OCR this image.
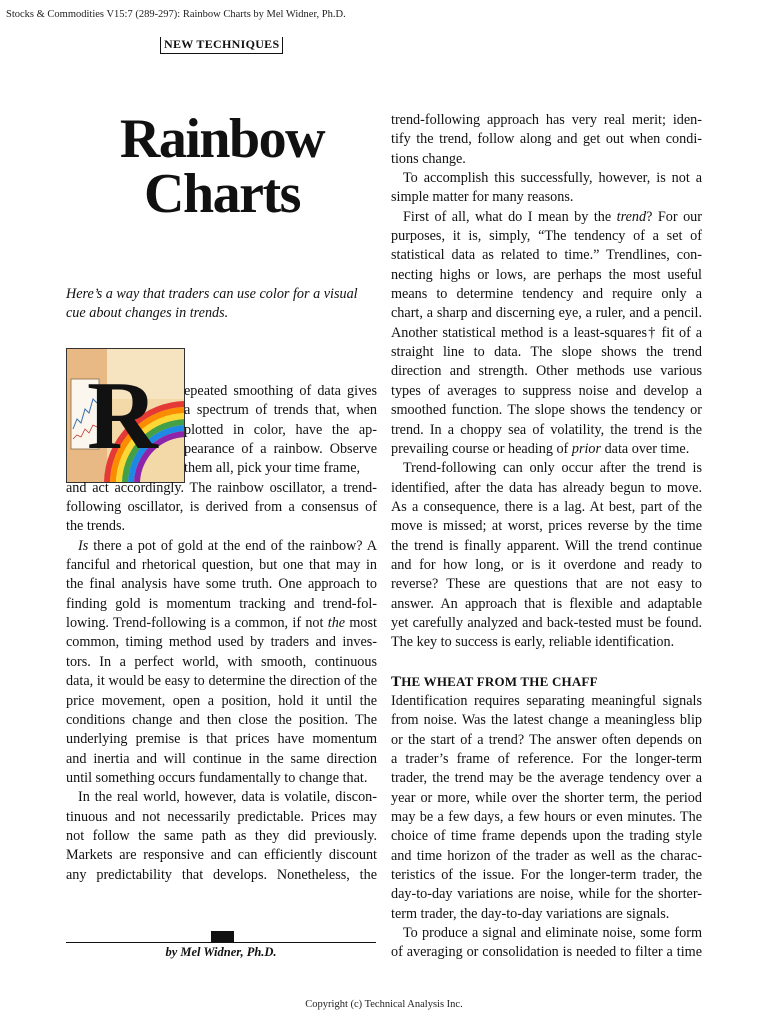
Stocks & Commodities V15:7 (289-297): Rainbow Charts by Mel Widner, Ph.D.
NEW TECHNIQUES
Rainbow
Charts
Here’s a way that traders can use color for a visual cue about changes in trends.
R epeated smoothing of data gives
a spectrum of trends that, when
plotted in color, have the ap-
pearance of a rainbow. Observe
them all, pick your time frame,
and act accordingly. The rainbow oscillator, a trend-
following oscillator, is derived from a consensus of
the trends.
Is there a pot of gold at the end of the rainbow? A
fanciful and rhetorical question, but one that may in
the final analysis have some truth. One approach to
finding gold is momentum tracking and trend-fol-
lowing. Trend-following is a common, if not the most
common, timing method used by traders and inves-
tors. In a perfect world, with smooth, continuous
data, it would be easy to determine the direction of the
price movement, open a position, hold it until the
conditions change and then close the position. The
underlying premise is that prices have momentum
and inertia and will continue in the same direction
until something occurs fundamentally to change that.
In the real world, however, data is volatile, discon-
tinuous and not necessarily predictable. Prices may
not follow the same path as they did previously.
Markets are responsive and can efficiently discount
any predictability that develops. Nonetheless, the
trend-following approach has very real merit; iden-
tify the trend, follow along and get out when condi-
tions change.
To accomplish this successfully, however, is not a
simple matter for many reasons.
First of all, what do I mean by the trend? For our
purposes, it is, simply, “The tendency of a set of
statistical data as related to time.” Trendlines, con-
necting highs or lows, are perhaps the most useful
means to determine tendency and require only a
chart, a sharp and discerning eye, a ruler, and a pencil.
Another statistical method is a least-squares† fit of a
straight line to data. The slope shows the trend
direction and strength. Other methods use various
types of averages to suppress noise and develop a
smoothed function. The slope shows the tendency or
trend. In a choppy sea of volatility, the trend is the
prevailing course or heading of prior data over time.
Trend-following can only occur after the trend is
identified, after the data has already begun to move.
As a consequence, there is a lag. At best, part of the
move is missed; at worst, prices reverse by the time
the trend is finally apparent. Will the trend continue
and for how long, or is it overdone and ready to
reverse? These are questions that are not easy to
answer. An approach that is flexible and adaptable
yet carefully analyzed and back-tested must be found.
The key to success is early, reliable identification.
THE WHEAT FROM THE CHAFF
Identification requires separating meaningful signals
from noise. Was the latest change a meaningless blip
or the start of a trend? The answer often depends on
a trader’s frame of reference. For the longer-term
trader, the trend may be the average tendency over a
year or more, while over the shorter term, the period
may be a few days, a few hours or even minutes. The
choice of time frame depends upon the trading style
and time horizon of the trader as well as the charac-
teristics of the issue. For the longer-term trader, the
day-to-day variations are noise, while for the shorter-
term trader, the day-to-day variations are signals.
To produce a signal and eliminate noise, some form
of averaging or consolidation is needed to filter a time
by Mel Widner, Ph.D.
Copyright (c) Technical Analysis Inc.
